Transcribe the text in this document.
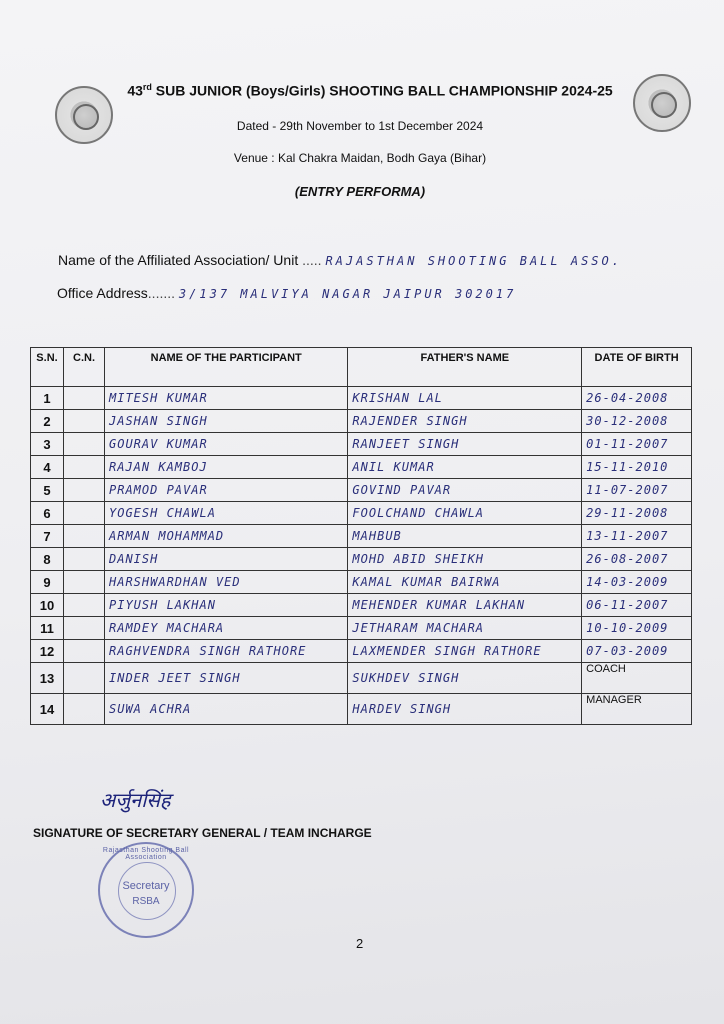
43rd SUB JUNIOR (Boys/Girls) SHOOTING BALL CHAMPIONSHIP 2024-25
Dated - 29th November to 1st December 2024
Venue : Kal Chakra Maidan, Bodh Gaya (Bihar)
(ENTRY PERFORMA)
Name of the Affiliated Association/ Unit ..... RAJASTHAN SHOOTING BALL ASSO.
Office Address....... 3/137 MALVIYA NAGAR JAIPUR 302017
S.N.	C.N.	NAME OF THE PARTICIPANT	FATHER'S NAME	DATE OF BIRTH
1		MITESH KUMAR	KRISHAN LAL	26-04-2008
2		JASHAN SINGH	RAJENDER SINGH	30-12-2008
3		GOURAV KUMAR	RANJEET SINGH	01-11-2007
4		RAJAN KAMBOJ	ANIL KUMAR	15-11-2010
5		PRAMOD PAVAR	GOVIND PAVAR	11-07-2007
6		YOGESH CHAWLA	FOOLCHAND CHAWLA	29-11-2008
7		ARMAN MOHAMMAD	MAHBUB	13-11-2007
8		DANISH	MOHD ABID SHEIKH	26-08-2007
9		HARSHWARDHAN VED	KAMAL KUMAR BAIRWA	14-03-2009
10		PIYUSH LAKHAN	MEHENDER KUMAR LAKHAN	06-11-2007
11		RAMDEY MACHARA	JETHARAM MACHARA	10-10-2009
12		RAGHVENDRA SINGH RATHORE	LAXMENDER SINGH RATHORE	07-03-2009
13		INDER JEET SINGH	SUKHDEV SINGH	COACH
14		SUWA ACHRA	HARDEV SINGH	MANAGER
अर्जुनसिंह
SIGNATURE OF SECRETARY GENERAL / TEAM INCHARGE
Rajasthan Shooting Ball Association
Secretary
RSBA
2
